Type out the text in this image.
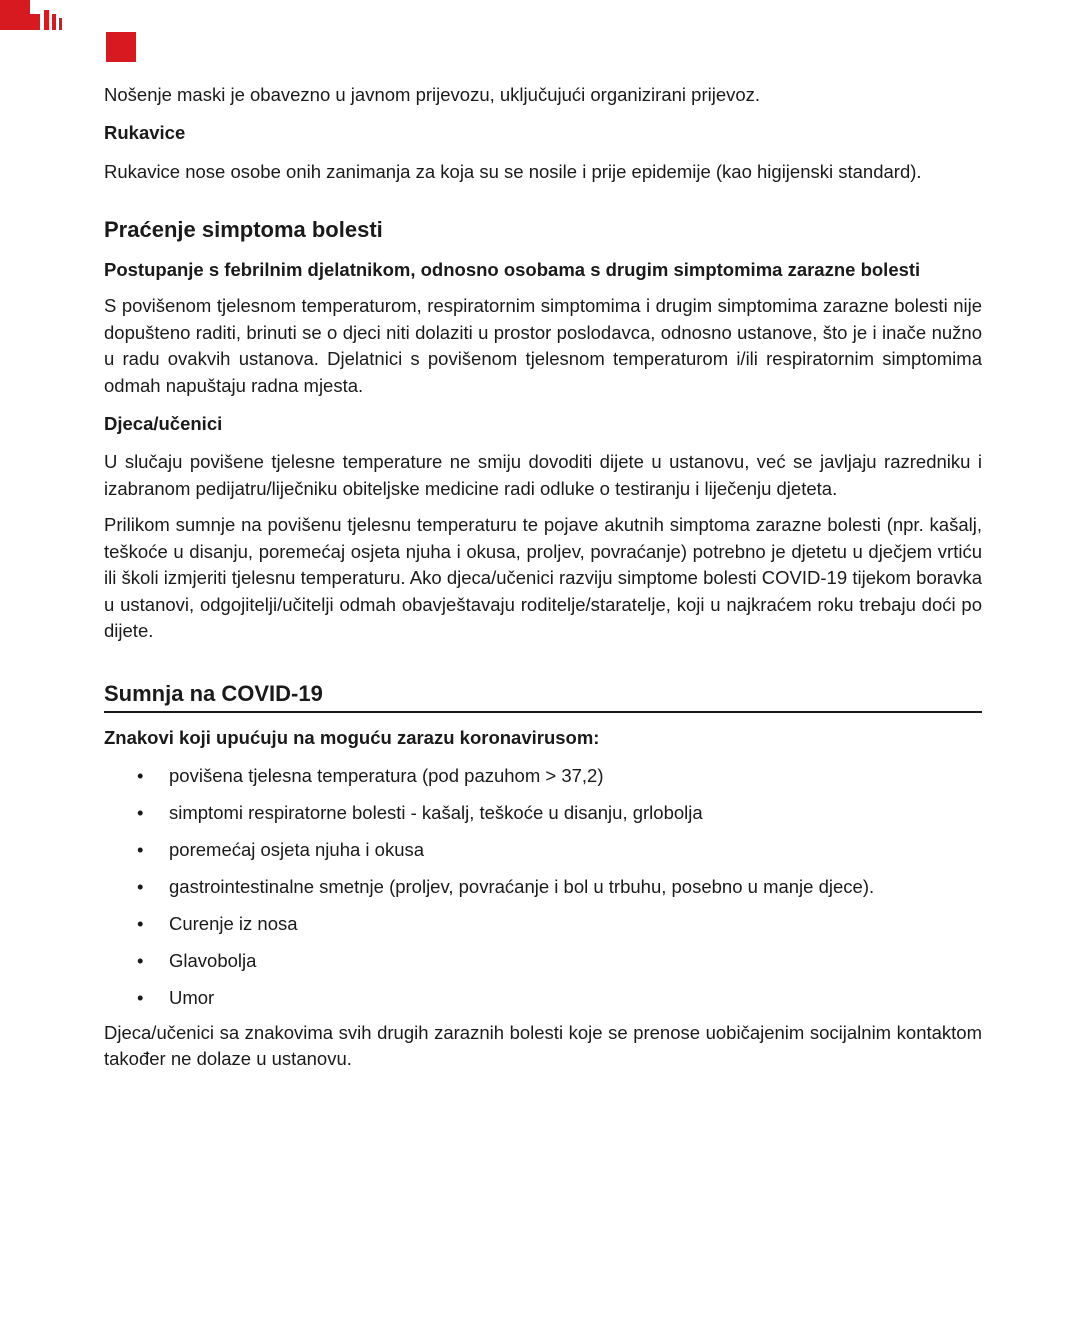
Nošenje maski je obavezno u javnom prijevozu, uključujući organizirani prijevoz.

Rukavice

Rukavice nose osobe onih zanimanja za koja su se nosile i prije epidemije (kao higijenski standard).

Praćenje simptoma bolesti

Postupanje s febrilnim djelatnikom, odnosno osobama s drugim simptomima zarazne bolesti

S povišenom tjelesnom temperaturom, respiratornim simptomima i drugim simptomima zarazne bolesti nije dopušteno raditi, brinuti se o djeci niti dolaziti u prostor poslodavca, odnosno ustanove, što je i inače nužno u radu ovakvih ustanova. Djelatnici s povišenom tjelesnom temperaturom i/ili respiratornim simptomima odmah napuštaju radna mjesta.

Djeca/učenici

U slučaju povišene tjelesne temperature ne smiju dovoditi dijete u ustanovu, već se javljaju razredniku i izabranom pedijatru/liječniku obiteljske medicine radi odluke o testiranju i liječenju djeteta.

Prilikom sumnje na povišenu tjelesnu temperaturu te pojave akutnih simptoma zarazne bolesti (npr. kašalj, teškoće u disanju, poremećaj osjeta njuha i okusa, proljev, povraćanje) potrebno je djetetu u dječjem vrtiću ili školi izmjeriti tjelesnu temperaturu. Ako djeca/učenici razviju simptome bolesti COVID-19 tijekom boravka u ustanovi, odgojitelji/učitelji odmah obavještavaju roditelje/staratelje, koji u najkraćem roku trebaju doći po dijete.

Sumnja na COVID-19

Znakovi koji upućuju na moguću zarazu koronavirusom:

• povišena tjelesna temperatura (pod pazuhom > 37,2)
• simptomi respiratorne bolesti - kašalj, teškoće u disanju, grlobolja
• poremećaj osjeta njuha i okusa
• gastrointestinalne smetnje (proljev, povraćanje i bol u trbuhu, posebno u manje djece).
• Curenje iz nosa
• Glavobolja
• Umor

Djeca/učenici sa znakovima svih drugih zaraznih bolesti koje se prenose uobičajenim socijalnim kontaktom također ne dolaze u ustanovu.
